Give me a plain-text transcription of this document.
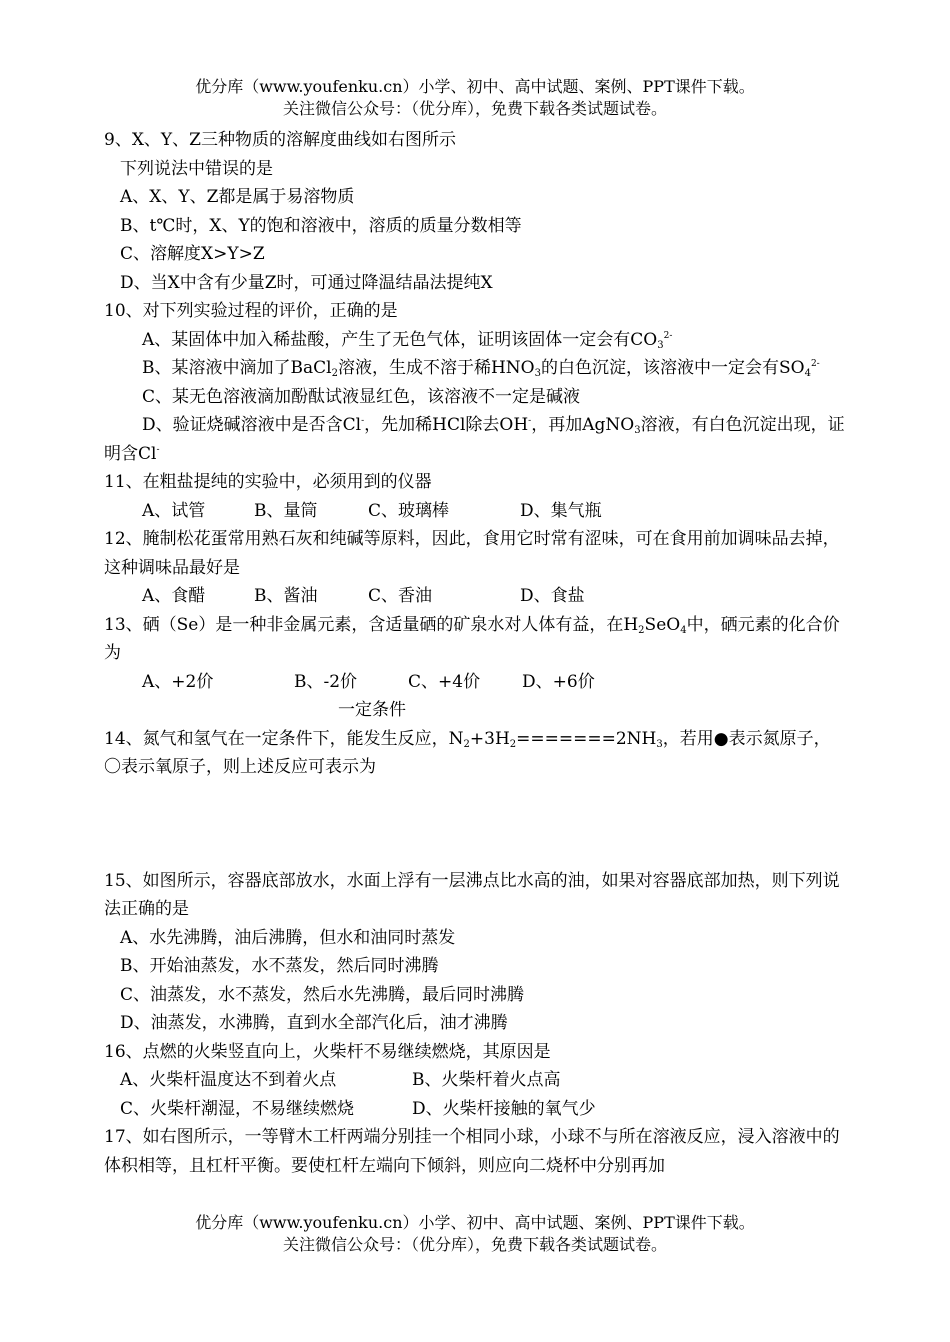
优分库（www.youfenku.cn）小学、初中、高中试题、案例、PPT课件下载。
关注微信公众号：（优分库），免费下载各类试题试卷。
9、X、Y、Z三种物质的溶解度曲线如右图所示
下列说法中错误的是
A、X、Y、Z都是属于易溶物质
B、t℃时，X、Y的饱和溶液中，溶质的质量分数相等
C、溶解度X>Y>Z
D、当X中含有少量Z时，可通过降温结晶法提纯X
10、对下列实验过程的评价，正确的是
A、某固体中加入稀盐酸，产生了无色气体，证明该固体一定会有$CO_3^{2-}$
B、某溶液中滴加了BaCl$_2$溶液，生成不溶于稀$HNO_3$的白色沉淀，该溶液中一定会有$SO_4^{2-}$
C、某无色溶液滴加酚酞试液显红色，该溶液不一定是碱液
D、验证烧碱溶液中是否含Cl-，先加稀HCl除去OH-，再加AgNO$_3$溶液，有白色沉淀出现，证明含Cl-
11、在粗盐提纯的实验中，必须用到的仪器
A、试管	B、量筒	C、玻璃棒	D、集气瓶
12、腌制松花蛋常用熟石灰和纯碱等原料，因此，食用它时常有涩味，可在食用前加调味品去掉，这种调味品最好是
A、食醋	B、酱油	C、香油	D、食盐
13、硒（Se）是一种非金属元素，含适量硒的矿泉水对人体有益，在$H_2SeO_4$中，硒元素的化合价为
A、+2价	B、-2价	C、+4价 D、+6价
一定条件
14、氮气和氢气在一定条件下，能发生反应，$N_2+3H_2=======2NH_3$，若用●表示氮原子，
〇表示氧原子，则上述反应可表示为
15、如图所示，容器底部放水，水面上浮有一层沸点比水高的油，如果对容器底部加热，则下列说法正确的是
A、水先沸腾，油后沸腾，但水和油同时蒸发
B、开始油蒸发，水不蒸发，然后同时沸腾
C、油蒸发，水不蒸发，然后水先沸腾，最后同时沸腾
D、油蒸发，水沸腾，直到水全部汽化后，油才沸腾
16、点燃的火柴竖直向上，火柴杆不易继续燃烧，其原因是
A、火柴杆温度达不到着火点	B、火柴杆着火点高
C、火柴杆潮湿，不易继续燃烧	D、火柴杆接触的氧气少
17、如右图所示，一等臂木工杆两端分别挂一个相同小球，小球不与所在溶液反应，浸入溶液中的体积相等，且杠杆平衡。要使杠杆左端向下倾斜，则应向二烧杯中分别再加
优分库（www.youfenku.cn）小学、初中、高中试题、案例、PPT课件下载。
关注微信公众号：（优分库），免费下载各类试题试卷。
